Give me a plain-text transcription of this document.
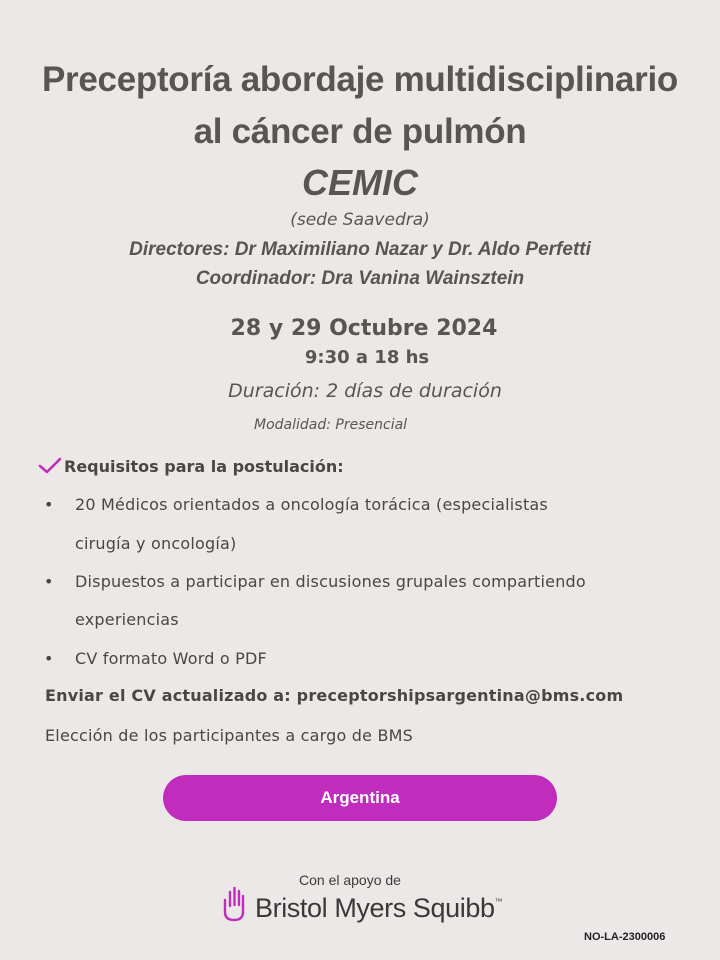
Preceptoría abordaje multidisciplinario
al cáncer de pulmón
CEMIC
(sede Saavedra)
Directores: Dr Maximiliano Nazar y Dr. Aldo Perfetti
Coordinador: Dra Vanina Wainsztein
28 y 29 Octubre 2024
9:30 a 18 hs
Duración: 2 días de duración
Modalidad: Presencial
Requisitos para la postulación:
• 20 Médicos orientados a oncología torácica (especialistas
cirugía y oncología)
• Dispuestos a participar en discusiones grupales compartiendo
experiencias
• CV formato Word o PDF
Enviar el CV actualizado a: preceptorshipsargentina@bms.com
Elección de los participantes a cargo de BMS
Argentina
Con el apoyo de
Bristol Myers Squibb™
NO-LA-2300006
